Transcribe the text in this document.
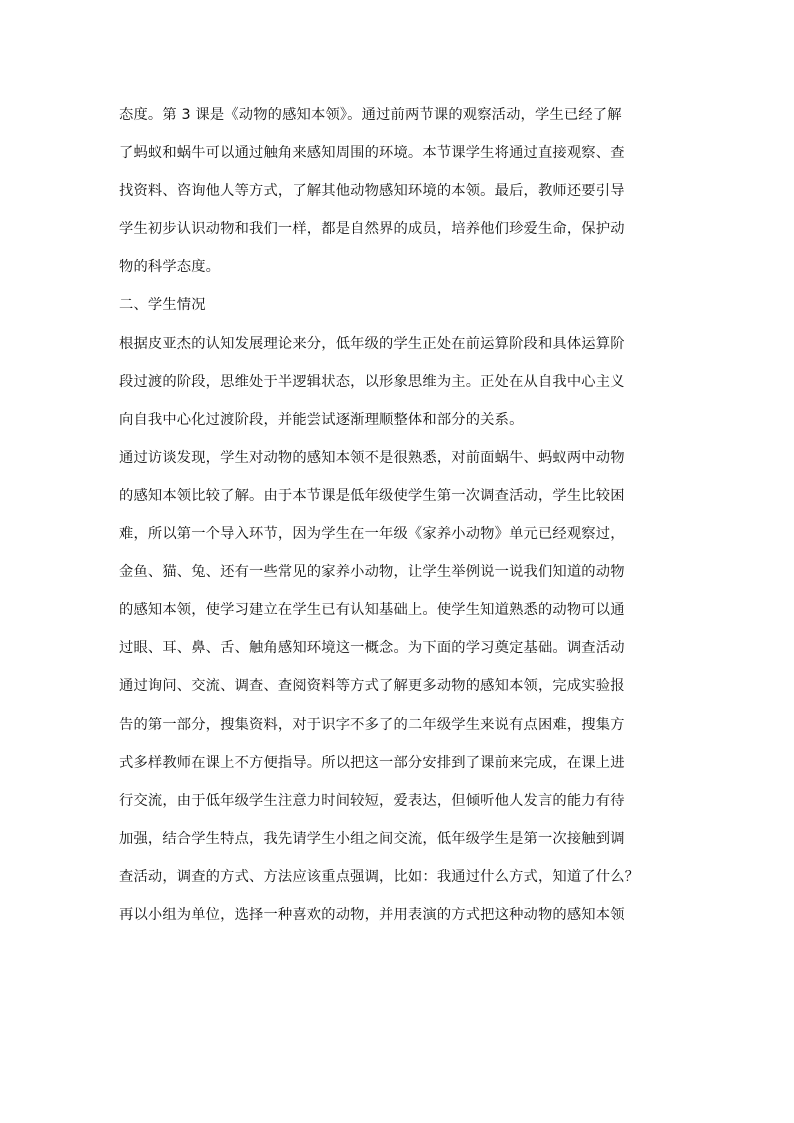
态度。第 3 课是《动物的感知本领》。通过前两节课的观察活动，学生已经了解
了蚂蚁和蜗牛可以通过触角来感知周围的环境。本节课学生将通过直接观察、查
找资料、咨询他人等方式，了解其他动物感知环境的本领。最后，教师还要引导
学生初步认识动物和我们一样，都是自然界的成员，培养他们珍爱生命，保护动
物的科学态度。
二、学生情况
根据皮亚杰的认知发展理论来分，低年级的学生正处在前运算阶段和具体运算阶
段过渡的阶段，思维处于半逻辑状态，以形象思维为主。正处在从自我中心主义
向自我中心化过渡阶段，并能尝试逐渐理顺整体和部分的关系。
通过访谈发现，学生对动物的感知本领不是很熟悉，对前面蜗牛、蚂蚁两中动物
的感知本领比较了解。由于本节课是低年级使学生第一次调查活动，学生比较困
难，所以第一个导入环节，因为学生在一年级《家养小动物》单元已经观察过，
金鱼、猫、兔、还有一些常见的家养小动物，让学生举例说一说我们知道的动物
的感知本领，使学习建立在学生已有认知基础上。使学生知道熟悉的动物可以通
过眼、耳、鼻、舌、触角感知环境这一概念。为下面的学习奠定基础。调查活动
通过询问、交流、调查、查阅资料等方式了解更多动物的感知本领，完成实验报
告的第一部分，搜集资料，对于识字不多了的二年级学生来说有点困难，搜集方
式多样教师在课上不方便指导。所以把这一部分安排到了课前来完成，在课上进
行交流，由于低年级学生注意力时间较短，爱表达，但倾听他人发言的能力有待
加强，结合学生特点，我先请学生小组之间交流，低年级学生是第一次接触到调
查活动，调查的方式、方法应该重点强调，比如：我通过什么方式，知道了什么？
再以小组为单位，选择一种喜欢的动物，并用表演的方式把这种动物的感知本领
